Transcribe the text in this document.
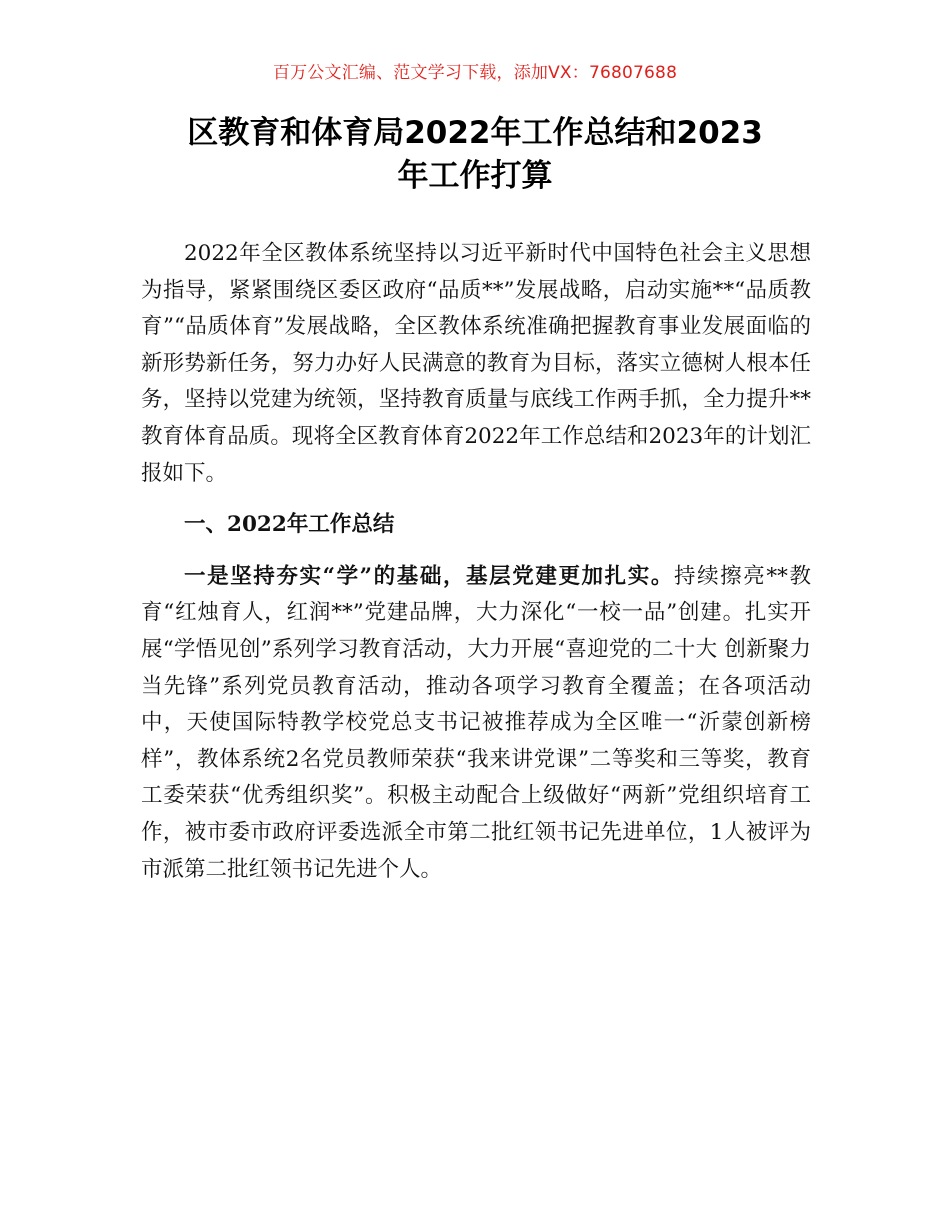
百万公文汇编、范文学习下载，添加VX：76807688
区教育和体育局2022年工作总结和2023
年工作打算

2022年全区教体系统坚持以习近平新时代中国特色社会主义思想为指导，紧紧围绕区委区政府“品质**”发展战略，启动实施**“品质教育”“品质体育”发展战略，全区教体系统准确把握教育事业发展面临的新形势新任务，努力办好人民满意的教育为目标，落实立德树人根本任务，坚持以党建为统领，坚持教育质量与底线工作两手抓，全力提升**教育体育品质。现将全区教育体育2022年工作总结和2023年的计划汇报如下。

一、2022年工作总结

一是坚持夯实“学”的基础，基层党建更加扎实。持续擦亮**教育“红烛育人，红润**”党建品牌，大力深化“一校一品”创建。扎实开展“学悟见创”系列学习教育活动，大力开展“喜迎党的二十大 创新聚力当先锋”系列党员教育活动，推动各项学习教育全覆盖；在各项活动中，天使国际特教学校党总支书记被推荐成为全区唯一“沂蒙创新榜样”，教体系统2名党员教师荣获“我来讲党课”二等奖和三等奖，教育工委荣获“优秀组织奖”。积极主动配合上级做好“两新”党组织培育工作，被市委市政府评委选派全市第二批红领书记先进单位，1人被评为市派第二批红领书记先进个人。
